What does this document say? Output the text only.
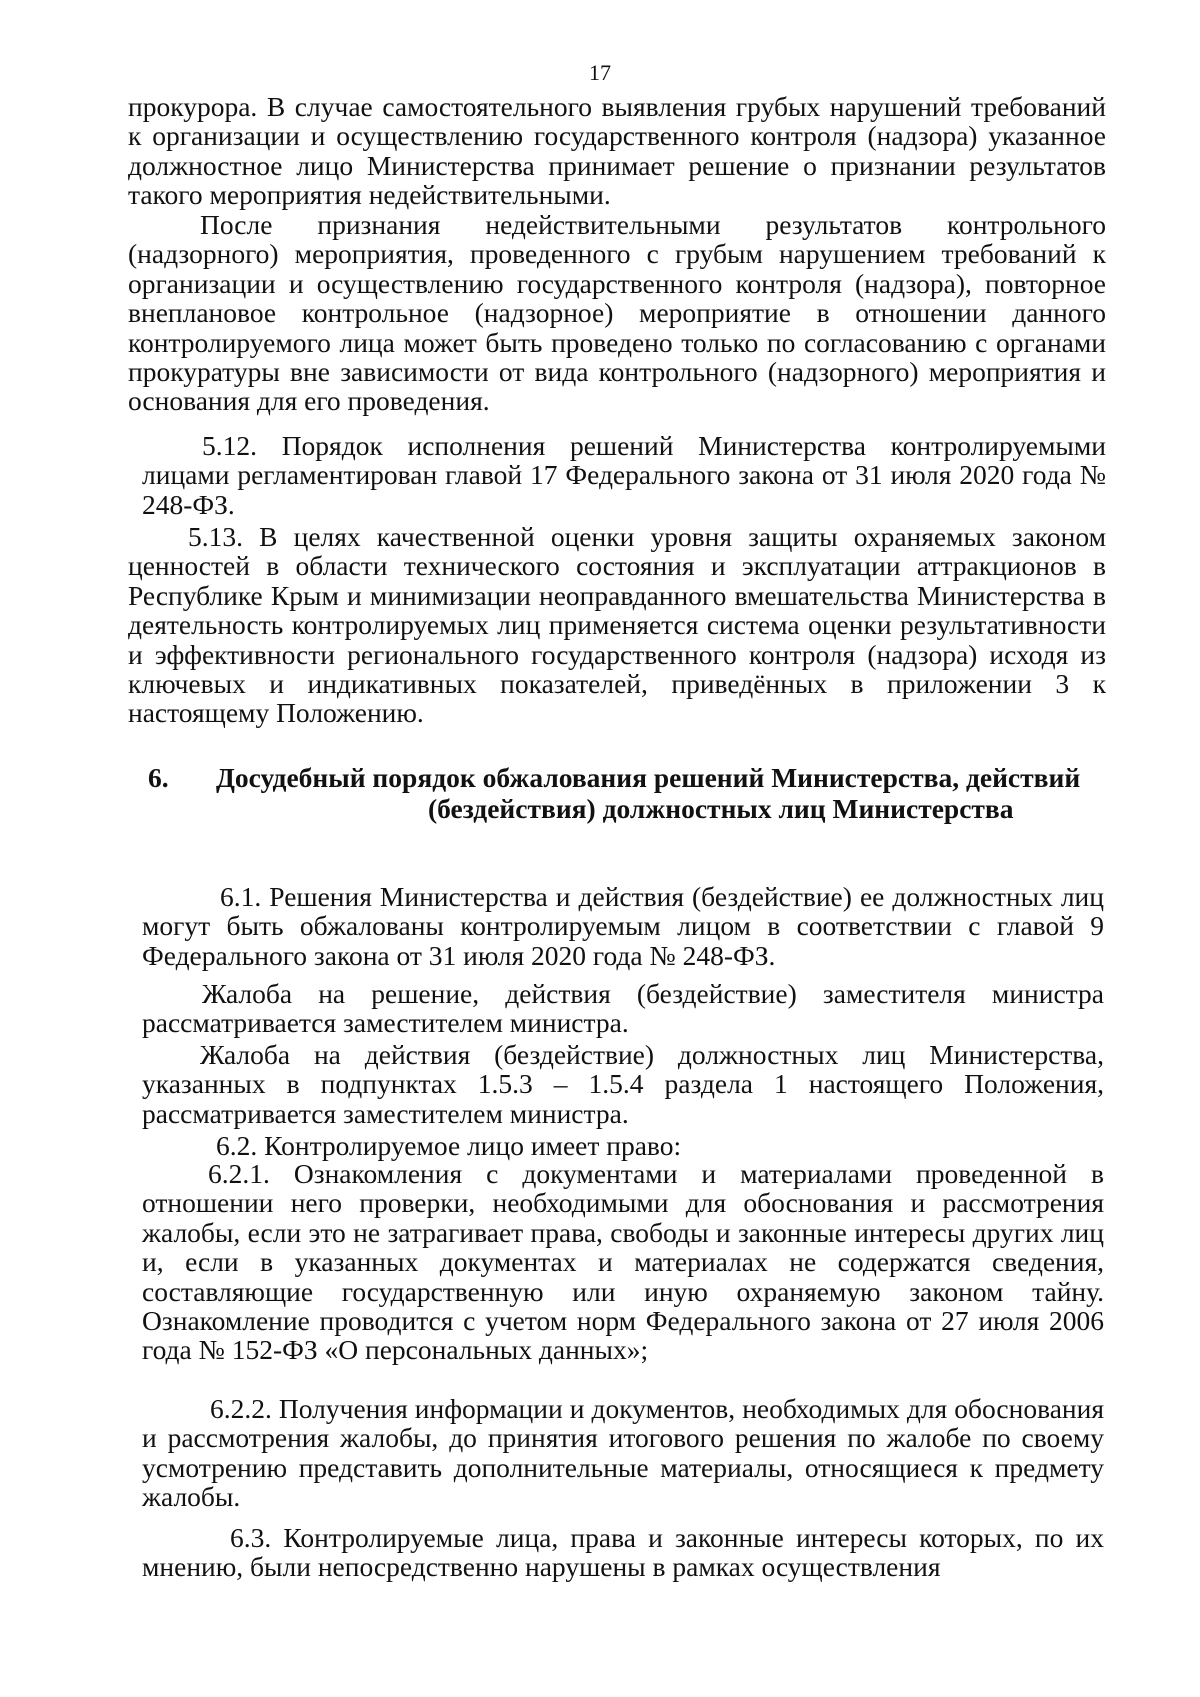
17

прокурора. В случае самостоятельного выявления грубых нарушений требований к организации и осуществлению государственного контроля (надзора) указанное должностное лицо Министерства принимает решение о признании результатов такого мероприятия недействительными.

После признания недействительными результатов контрольного (надзорного) мероприятия, проведенного с грубым нарушением требований к организации и осуществлению государственного контроля (надзора), повторное внеплановое контрольное (надзорное) мероприятие в отношении данного контролируемого лица может быть проведено только по согласованию с органами прокуратуры вне зависимости от вида контрольного (надзорного) мероприятия и основания для его проведения.

5.12. Порядок исполнения решений Министерства контролируемыми лицами регламентирован главой 17 Федерального закона от 31 июля 2020 года № 248-ФЗ.

5.13. В целях качественной оценки уровня защиты охраняемых законом ценностей в области технического состояния и эксплуатации аттракционов в Республике Крым и минимизации неоправданного вмешательства Министерства в деятельность контролируемых лиц применяется система оценки результативности и эффективности регионального государственного контроля (надзора) исходя из ключевых и индикативных показателей, приведённых в приложении 3 к настоящему Положению.

6. Досудебный порядок обжалования решений Министерства, действий
(бездействия) должностных лиц Министерства

6.1. Решения Министерства и действия (бездействие) ее должностных лиц могут быть обжалованы контролируемым лицом в соответствии с главой 9 Федерального закона от 31 июля 2020 года № 248-ФЗ.

Жалоба на решение, действия (бездействие) заместителя министра рассматривается заместителем министра.

Жалоба на действия (бездействие) должностных лиц Министерства, указанных в подпунктах 1.5.3 – 1.5.4 раздела 1 настоящего Положения, рассматривается заместителем министра.

6.2. Контролируемое лицо имеет право:

6.2.1. Ознакомления с документами и материалами проведенной в отношении него проверки, необходимыми для обоснования и рассмотрения жалобы, если это не затрагивает права, свободы и законные интересы других лиц и, если в указанных документах и материалах не содержатся сведения, составляющие государственную или иную охраняемую законом тайну. Ознакомление проводится с учетом норм Федерального закона от 27 июля 2006 года № 152-ФЗ «О персональных данных»;

6.2.2. Получения информации и документов, необходимых для обоснования и рассмотрения жалобы, до принятия итогового решения по жалобе по своему усмотрению представить дополнительные материалы, относящиеся к предмету жалобы.

6.3. Контролируемые лица, права и законные интересы которых, по их мнению, были непосредственно нарушены в рамках осуществления
